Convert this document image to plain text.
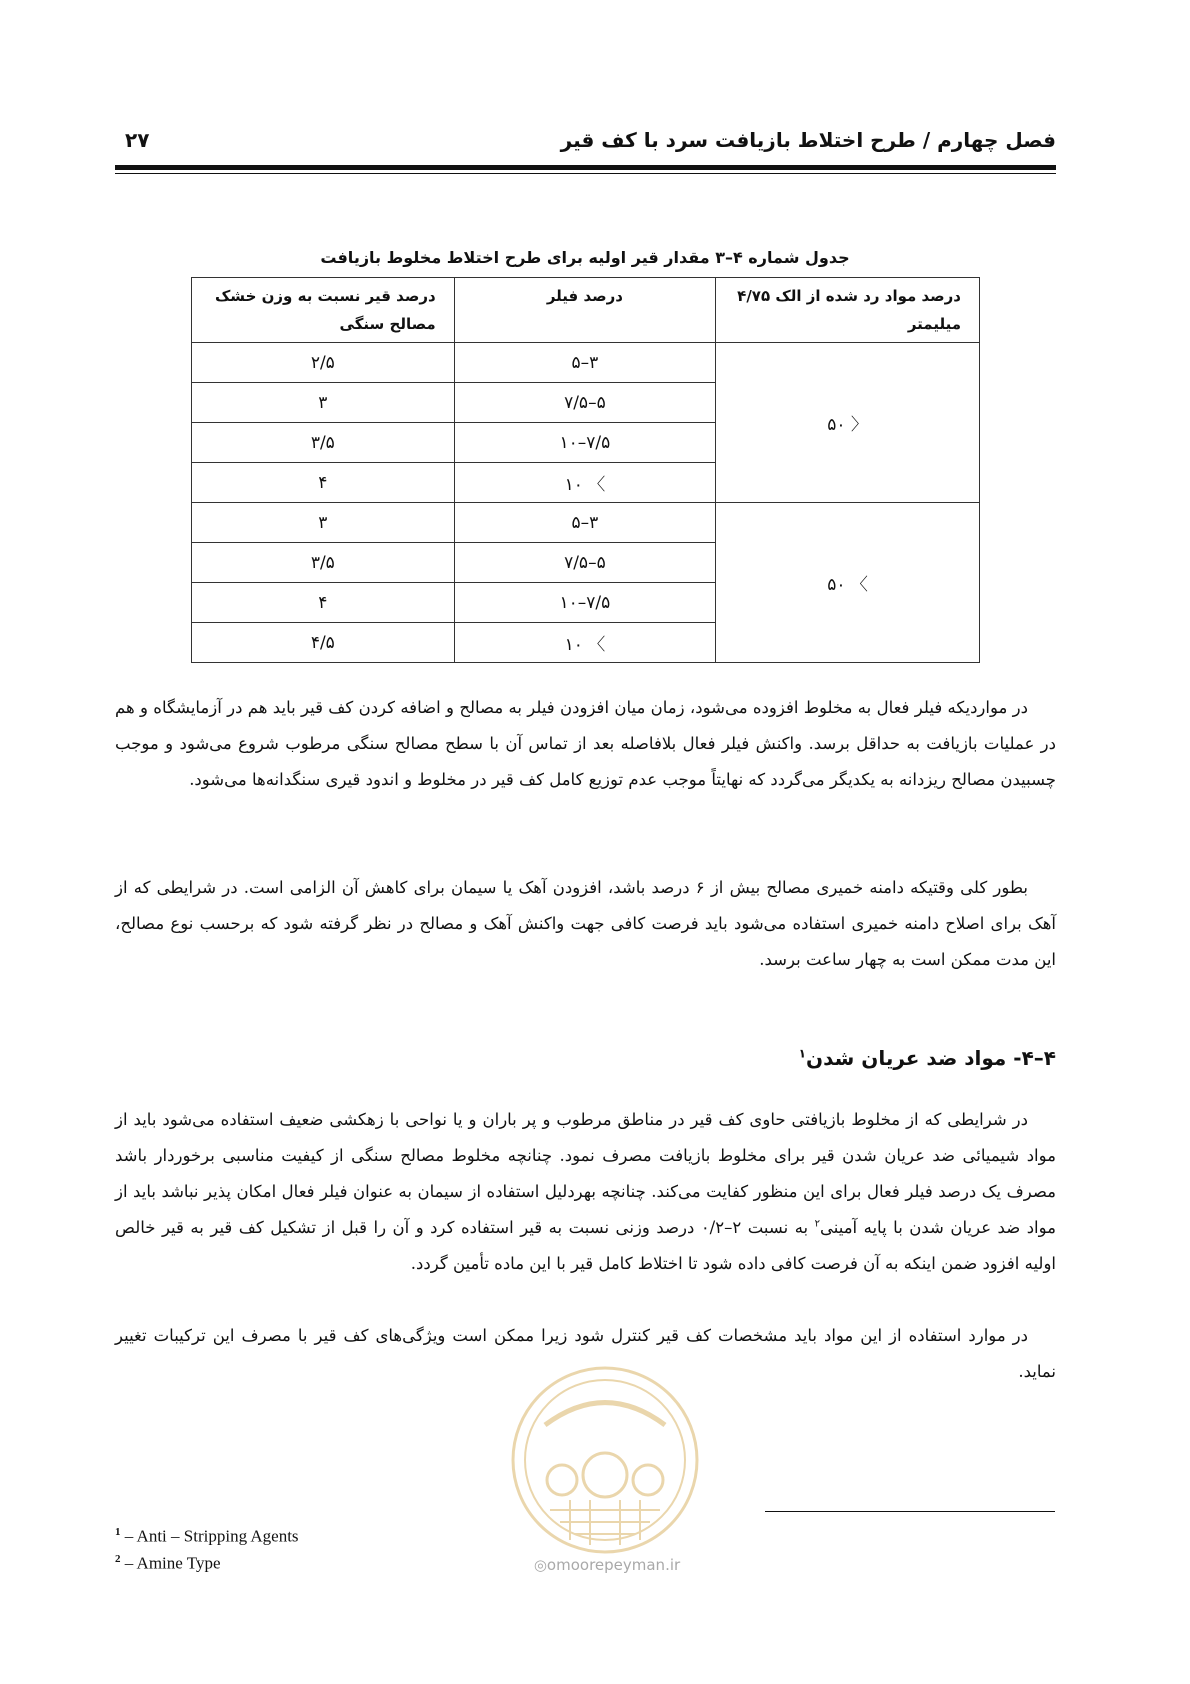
فصل چهارم / طرح اختلاط بازیافت سرد با کف قیر
۲۷
جدول شماره ۴–۳ مقدار قیر اولیه برای طرح اختلاط مخلوط بازیافت
درصد مواد رد شده از الک ۴/۷۵ میلیمتر	درصد فیلر	درصد قیر نسبت به وزن خشک مصالح سنگی
〈 ۵۰	۳–۵	۲/۵
	۵–۷/۵	۳
	۷/۵–۱۰	۳/۵
	〉 ۱۰	۴
〉 ۵۰	۳–۵	۳
	۵–۷/۵	۳/۵
	۷/۵–۱۰	۴
	〉 ۱۰	۴/۵

در مواردیکه فیلر فعال به مخلوط افزوده می‌شود، زمان میان افزودن فیلر به مصالح و اضافه کردن کف قیر باید هم در آزمایشگاه و هم در عملیات بازیافت به حداقل برسد. واکنش فیلر فعال بلافاصله بعد از تماس آن با سطح مصالح سنگی مرطوب شروع می‌شود و موجب چسبیدن مصالح ریزدانه به یکدیگر می‌گردد که نهایتاً موجب عدم توزیع کامل کف قیر در مخلوط و اندود قیری سنگدانه‌ها می‌شود.

بطور کلی وقتیکه دامنه خمیری مصالح بیش از ۶ درصد باشد، افزودن آهک یا سیمان برای کاهش آن الزامی است. در شرایطی که از آهک برای اصلاح دامنه خمیری استفاده می‌شود باید فرصت کافی جهت واکنش آهک و مصالح در نظر گرفته شود که برحسب نوع مصالح، این مدت ممکن است به چهار ساعت برسد.

۴–۴- مواد ضد عریان شدن$^۱$

در شرایطی که از مخلوط بازیافتی حاوی کف قیر در مناطق مرطوب و پر باران و یا نواحی با زهکشی ضعیف استفاده می‌شود باید از مواد شیمیائی ضد عریان شدن قیر برای مخلوط بازیافت مصرف نمود. چنانچه مخلوط مصالح سنگی از کیفیت مناسبی برخوردار باشد مصرف یک درصد فیلر فعال برای این منظور کفایت می‌کند. چنانچه بهردلیل استفاده از سیمان به عنوان فیلر فعال امکان پذیر نباشد باید از مواد ضد عریان شدن با پایه آمینی$^۲$ به نسبت ۲–۰/۲ درصد وزنی نسبت به قیر استفاده کرد و آن را قبل از تشکیل کف قیر به قیر خالص اولیه افزود ضمن اینکه به آن فرصت کافی داده شود تا اختلاط کامل قیر با این ماده تأمین گردد.

در موارد استفاده از این مواد باید مشخصات کف قیر کنترل شود زیرا ممکن است ویژگی‌های کف قیر با مصرف این ترکیبات تغییر نماید.

◎omoorepeyman.ir
$^1$ – Anti – Stripping Agents
$^2$ – Amine Type
